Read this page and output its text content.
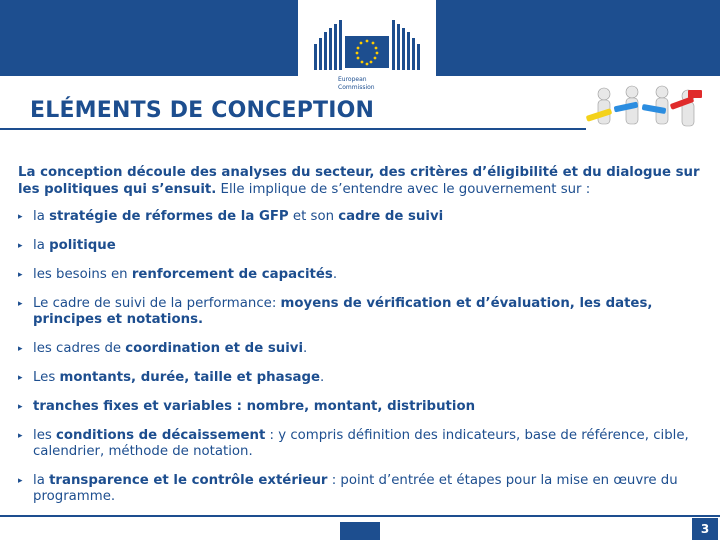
European
Commission
ELÉMENTS DE CONCEPTION

La conception découle des analyses du secteur, des critères d’éligibilité et du dialogue sur les politiques qui s’ensuit. Elle implique de s’entendre avec le gouvernement sur :

▸ la stratégie de réformes de la GFP et son cadre de suivi
▸ la politique
▸ les besoins en renforcement de capacités.
▸ Le cadre de suivi de la performance: moyens de vérification et d’évaluation, les dates, principes et notations.
▸ les cadres de coordination et de suivi.
▸ Les montants, durée, taille et phasage.
▸ tranches fixes et variables : nombre, montant, distribution
▸ les conditions de décaissement : y compris définition des indicateurs, base de référence, cible, calendrier, méthode de notation.
▸ la transparence et le contrôle extérieur : point d’entrée et étapes pour la mise en œuvre du programme.
3
